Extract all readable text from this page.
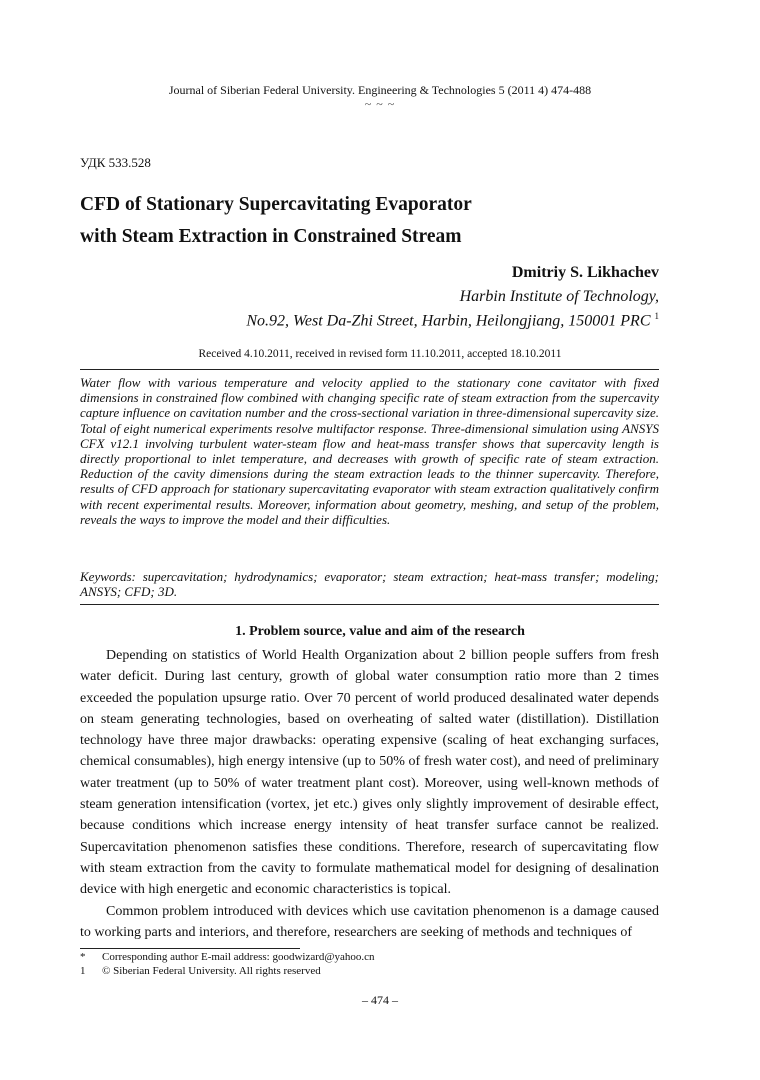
Journal of Siberian Federal University. Engineering & Technologies 5 (2011 4) 474-488
~ ~ ~
УДК 533.528
CFD of Stationary Supercavitating Evaporator
with Steam Extraction in Constrained Stream
Dmitriy S. Likhachev
Harbin Institute of Technology,
No.92, West Da-Zhi Street, Harbin, Heilongjiang, 150001 PRC $^1$
Received 4.10.2011, received in revised form 11.10.2011, accepted 18.10.2011

Water flow with various temperature and velocity applied to the stationary cone cavitator with fixed dimensions in constrained flow combined with changing specific rate of steam extraction from the supercavity capture influence on cavitation number and the cross-sectional variation in three-dimensional supercavity size. Total of eight numerical experiments resolve multifactor response. Three-dimensional simulation using ANSYS CFX v12.1 involving turbulent water-steam flow and heat-mass transfer shows that supercavity length is directly proportional to inlet temperature, and decreases with growth of specific rate of steam extraction. Reduction of the cavity dimensions during the steam extraction leads to the thinner supercavity. Therefore, results of CFD approach for stationary supercavitating evaporator with steam extraction qualitatively confirm with recent experimental results. Moreover, information about geometry, meshing, and setup of the problem, reveals the ways to improve the model and their difficulties.

Keywords: supercavitation; hydrodynamics; evaporator; steam extraction; heat-mass transfer; modeling; ANSYS; CFD; 3D.

1. Problem source, value and aim of the research

Depending on statistics of World Health Organization about 2 billion people suffers from fresh water deficit. During last century, growth of global water consumption ratio more than 2 times exceeded the population upsurge ratio. Over 70 percent of world produced desalinated water depends on steam generating technologies, based on overheating of salted water (distillation). Distillation technology have three major drawbacks: operating expensive (scaling of heat exchanging surfaces, chemical consumables), high energy intensive (up to 50% of fresh water cost), and need of preliminary water treatment (up to 50% of water treatment plant cost). Moreover, using well-known methods of steam generation intensification (vortex, jet etc.) gives only slightly improvement of desirable effect, because conditions which increase energy intensity of heat transfer surface cannot be realized. Supercavitation phenomenon satisfies these conditions. Therefore, research of supercavitating flow with steam extraction from the cavity to formulate mathematical model for designing of desalination device with high energetic and economic characteristics is topical.

Common problem introduced with devices which use cavitation phenomenon is a damage caused to working parts and interiors, and therefore, researchers are seeking of methods and techniques of

* Corresponding author E-mail address: goodwizard@yahoo.cn
1 © Siberian Federal University. All rights reserved
– 474 –
